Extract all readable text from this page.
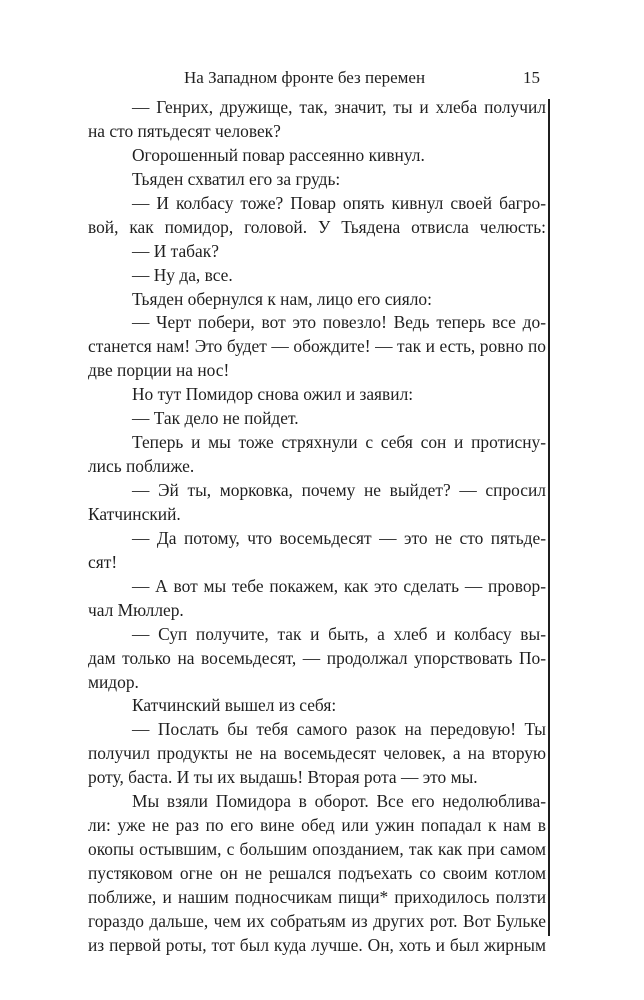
На Западном фронте без перемен	15
— Генрих, дружище, так, значит, ты и хлеба получил
на сто пятьдесят человек?
Огорошенный повар рассеянно кивнул.
Тьяден схватил его за грудь:
— И колбасу тоже? Повар опять кивнул своей багро-
вой, как помидор, головой. У Тьядена отвисла челюсть:
— И табак?
— Ну да, все.
Тьяден обернулся к нам, лицо его сияло:
— Черт побери, вот это повезло! Ведь теперь все до-
станется нам! Это будет — обождите! — так и есть, ровно по
две порции на нос!
Но тут Помидор снова ожил и заявил:
— Так дело не пойдет.
Теперь и мы тоже стряхнули с себя сон и протисну-
лись поближе.
— Эй ты, морковка, почему не выйдет? — спросил
Катчинский.
— Да потому, что восемьдесят — это не сто пятьде-
сят!
— А вот мы тебе покажем, как это сделать — провор-
чал Мюллер.
— Суп получите, так и быть, а хлеб и колбасу вы-
дам только на восемьдесят, — продолжал упорствовать По-
мидор.
Катчинский вышел из себя:
— Послать бы тебя самого разок на передовую! Ты
получил продукты не на восемьдесят человек, а на вторую
роту, баста. И ты их выдашь! Вторая рота — это мы.
Мы взяли Помидора в оборот. Все его недолюблива-
ли: уже не раз по его вине обед или ужин попадал к нам в
окопы остывшим, с большим опозданием, так как при самом
пустяковом огне он не решался подъехать со своим котлом
поближе, и нашим подносчикам пищи* приходилось ползти
гораздо дальше, чем их собратьям из других рот. Вот Бульке
из первой роты, тот был куда лучше. Он, хоть и был жирным
